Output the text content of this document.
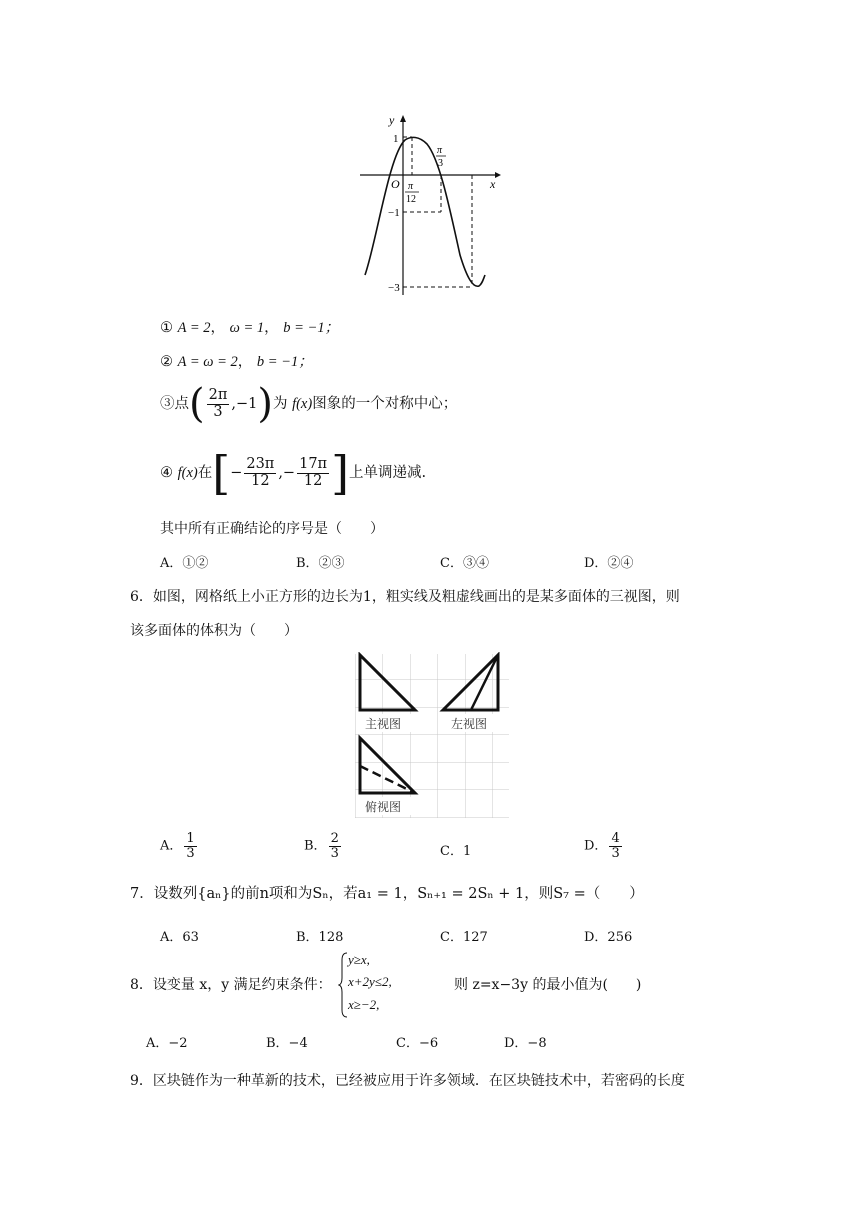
y
x
O
1
−1
−3
π
12
π
3
① A = 2， ω = 1， b = −1；
② A = ω = 2， b = −1；
③点( $\frac{2\pi}{3} ,-1$)为 f(x)图象的一个对称中心；
④ f(x)在[− $\frac{23\pi}{12}$ ,− $\frac{17\pi}{12}$ ]上单调递减.
其中所有正确结论的序号是（　　）
A．①②	B．②③	C．③④	D．②④
6．如图，网格纸上小正方形的边长为1，粗实线及粗虚线画出的是某多面体的三视图，则
该多面体的体积为（　　）
主视图	左视图
俯视图
A． $\frac{1}{3}$	B． $\frac{2}{3}$	C．1	D． $\frac{4}{3}$
7．设数列{aₙ}的前n项和为Sₙ，若a₁ = 1，Sₙ₊₁ = 2Sₙ + 1，则S₇ =（　　）
A．63	B．128	C．127	D．256
8．设变量 x，y 满足约束条件：
y≥x,
x+2y≤2,
x≥−2,
则 z=x−3y 的最小值为(　　)
A．−2	B．−4	C．−6	D．−8
9．区块链作为一种革新的技术，已经被应用于许多领域．在区块链技术中，若密码的长度
